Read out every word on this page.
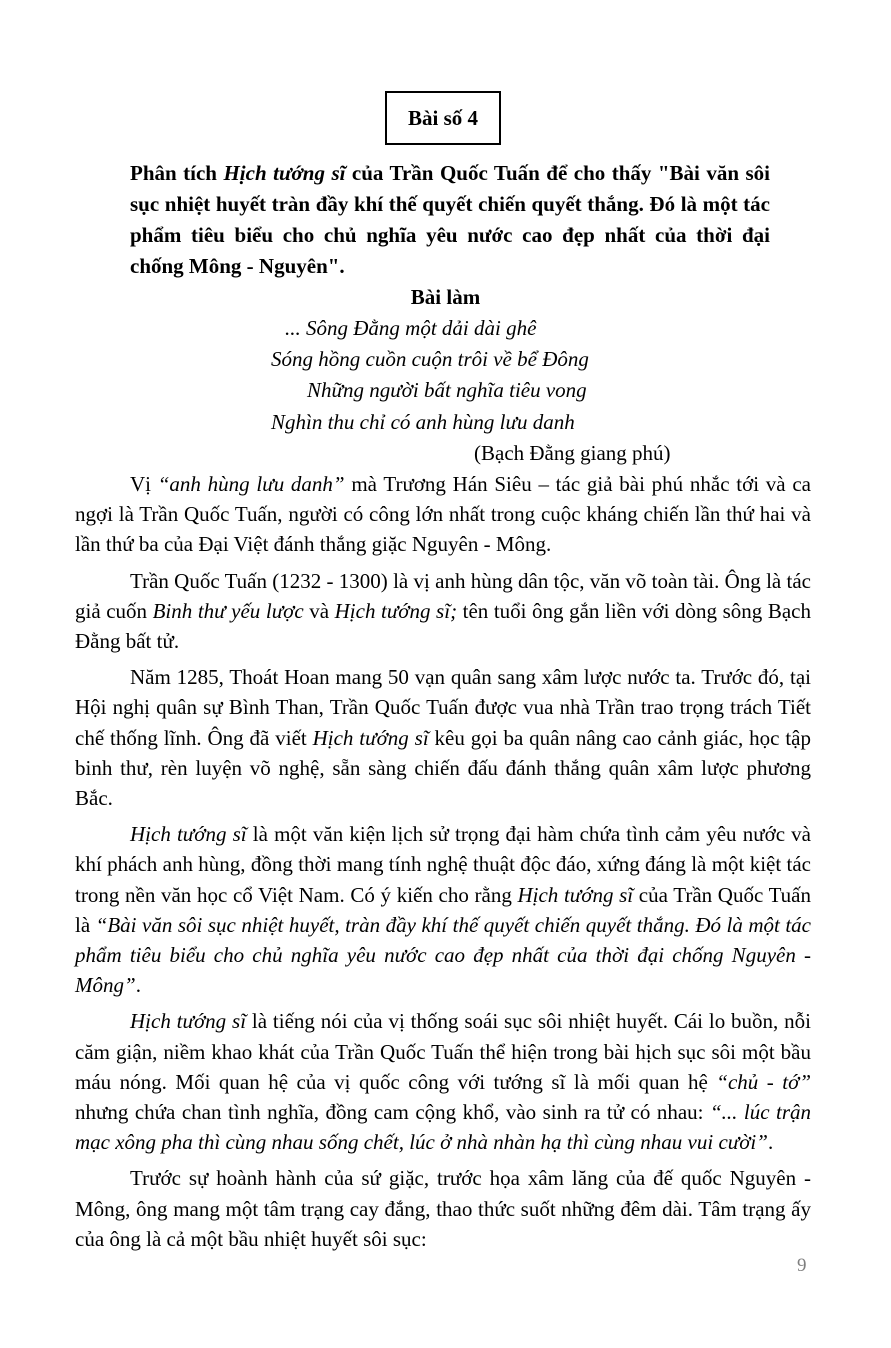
Bài số 4

Phân tích Hịch tướng sĩ của Trần Quốc Tuấn để cho thấy "Bài văn sôi sục nhiệt huyết tràn đầy khí thế quyết chiến quyết thắng. Đó là một tác phẩm tiêu biểu cho chủ nghĩa yêu nước cao đẹp nhất của thời đại chống Mông - Nguyên".

Bài làm
... Sông Đằng một dải dài ghê
Sóng hồng cuồn cuộn trôi về bể Đông
Những người bất nghĩa tiêu vong
Nghìn thu chỉ có anh hùng lưu danh
(Bạch Đằng giang phú)

Vị “anh hùng lưu danh” mà Trương Hán Siêu – tác giả bài phú nhắc tới và ca ngợi là Trần Quốc Tuấn, người có công lớn nhất trong cuộc kháng chiến lần thứ hai và lần thứ ba của Đại Việt đánh thắng giặc Nguyên - Mông.

Trần Quốc Tuấn (1232 - 1300) là vị anh hùng dân tộc, văn võ toàn tài. Ông là tác giả cuốn Binh thư yếu lược và Hịch tướng sĩ; tên tuổi ông gắn liền với dòng sông Bạch Đằng bất tử.

Năm 1285, Thoát Hoan mang 50 vạn quân sang xâm lược nước ta. Trước đó, tại Hội nghị quân sự Bình Than, Trần Quốc Tuấn được vua nhà Trần trao trọng trách Tiết chế thống lĩnh. Ông đã viết Hịch tướng sĩ kêu gọi ba quân nâng cao cảnh giác, học tập binh thư, rèn luyện võ nghệ, sẵn sàng chiến đấu đánh thắng quân xâm lược phương Bắc.

Hịch tướng sĩ là một văn kiện lịch sử trọng đại hàm chứa tình cảm yêu nước và khí phách anh hùng, đồng thời mang tính nghệ thuật độc đáo, xứng đáng là một kiệt tác trong nền văn học cổ Việt Nam. Có ý kiến cho rằng Hịch tướng sĩ của Trần Quốc Tuấn là “Bài văn sôi sục nhiệt huyết, tràn đầy khí thế quyết chiến quyết thắng. Đó là một tác phẩm tiêu biểu cho chủ nghĩa yêu nước cao đẹp nhất của thời đại chống Nguyên - Mông”.

Hịch tướng sĩ là tiếng nói của vị thống soái sục sôi nhiệt huyết. Cái lo buồn, nỗi căm giận, niềm khao khát của Trần Quốc Tuấn thể hiện trong bài hịch sục sôi một bầu máu nóng. Mối quan hệ của vị quốc công với tướng sĩ là mối quan hệ “chủ - tớ” nhưng chứa chan tình nghĩa, đồng cam cộng khổ, vào sinh ra tử có nhau: “... lúc trận mạc xông pha thì cùng nhau sống chết, lúc ở nhà nhàn hạ thì cùng nhau vui cười”.

Trước sự hoành hành của sứ giặc, trước họa xâm lăng của đế quốc Nguyên - Mông, ông mang một tâm trạng cay đắng, thao thức suốt những đêm dài. Tâm trạng ấy của ông là cả một bầu nhiệt huyết sôi sục:

9
